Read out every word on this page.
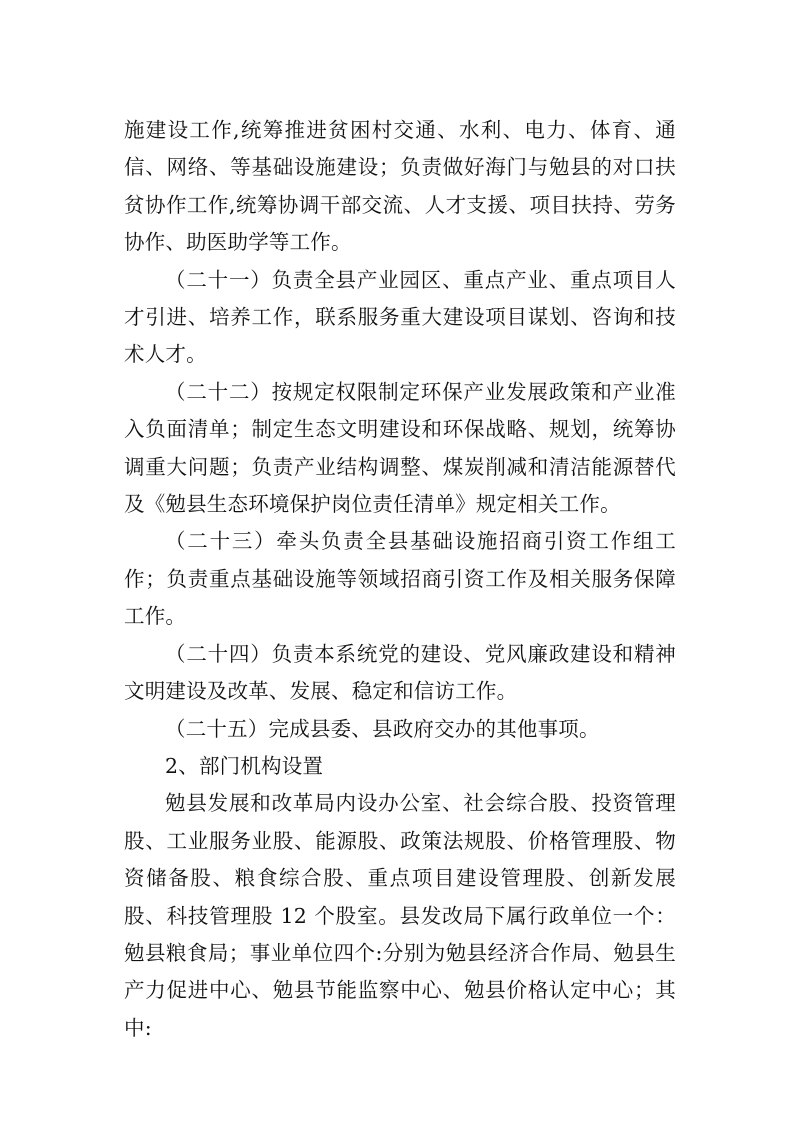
施建设工作,统筹推进贫困村交通、水利、电力、体育、通信、网络、等基础设施建设；负责做好海门与勉县的对口扶贫协作工作,统筹协调干部交流、人才支援、项目扶持、劳务协作、助医助学等工作。

（二十一）负责全县产业园区、重点产业、重点项目人才引进、培养工作，联系服务重大建设项目谋划、咨询和技术人才。

（二十二）按规定权限制定环保产业发展政策和产业准入负面清单；制定生态文明建设和环保战略、规划，统筹协调重大问题；负责产业结构调整、煤炭削减和清洁能源替代及《勉县生态环境保护岗位责任清单》规定相关工作。

（二十三）牵头负责全县基础设施招商引资工作组工作；负责重点基础设施等领域招商引资工作及相关服务保障工作。

（二十四）负责本系统党的建设、党风廉政建设和精神文明建设及改革、发展、稳定和信访工作。

（二十五）完成县委、县政府交办的其他事项。

2、部门机构设置

勉县发展和改革局内设办公室、社会综合股、投资管理股、工业服务业股、能源股、政策法规股、价格管理股、物资储备股、粮食综合股、重点项目建设管理股、创新发展股、科技管理股 12 个股室。县发改局下属行政单位一个：勉县粮食局；事业单位四个:分别为勉县经济合作局、勉县生产力促进中心、勉县节能监察中心、勉县价格认定中心；其中:
